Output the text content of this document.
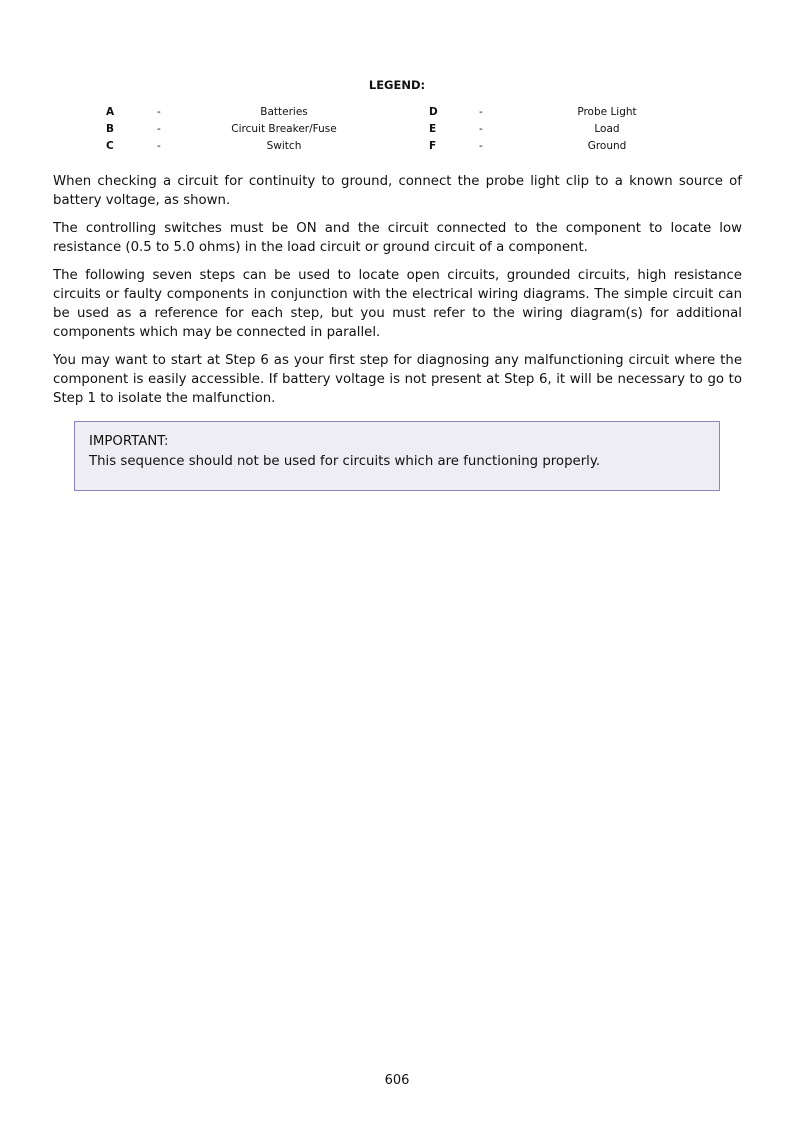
LEGEND:
A	-	Batteries	D	-	Probe Light
B	-	Circuit Breaker/Fuse	E	-	Load
C	-	Switch	F	-	Ground

When checking a circuit for continuity to ground, connect the probe light clip to a known source of battery voltage, as shown.

The controlling switches must be ON and the circuit connected to the component to locate low resistance (0.5 to 5.0 ohms) in the load circuit or ground circuit of a component.

The following seven steps can be used to locate open circuits, grounded circuits, high resistance circuits or faulty components in conjunction with the electrical wiring diagrams. The simple circuit can be used as a reference for each step, but you must refer to the wiring diagram(s) for additional components which may be connected in parallel.

You may want to start at Step 6 as your first step for diagnosing any malfunctioning circuit where the component is easily accessible. If battery voltage is not present at Step 6, it will be necessary to go to Step 1 to isolate the malfunction.

IMPORTANT:
This sequence should not be used for circuits which are functioning properly.
606
